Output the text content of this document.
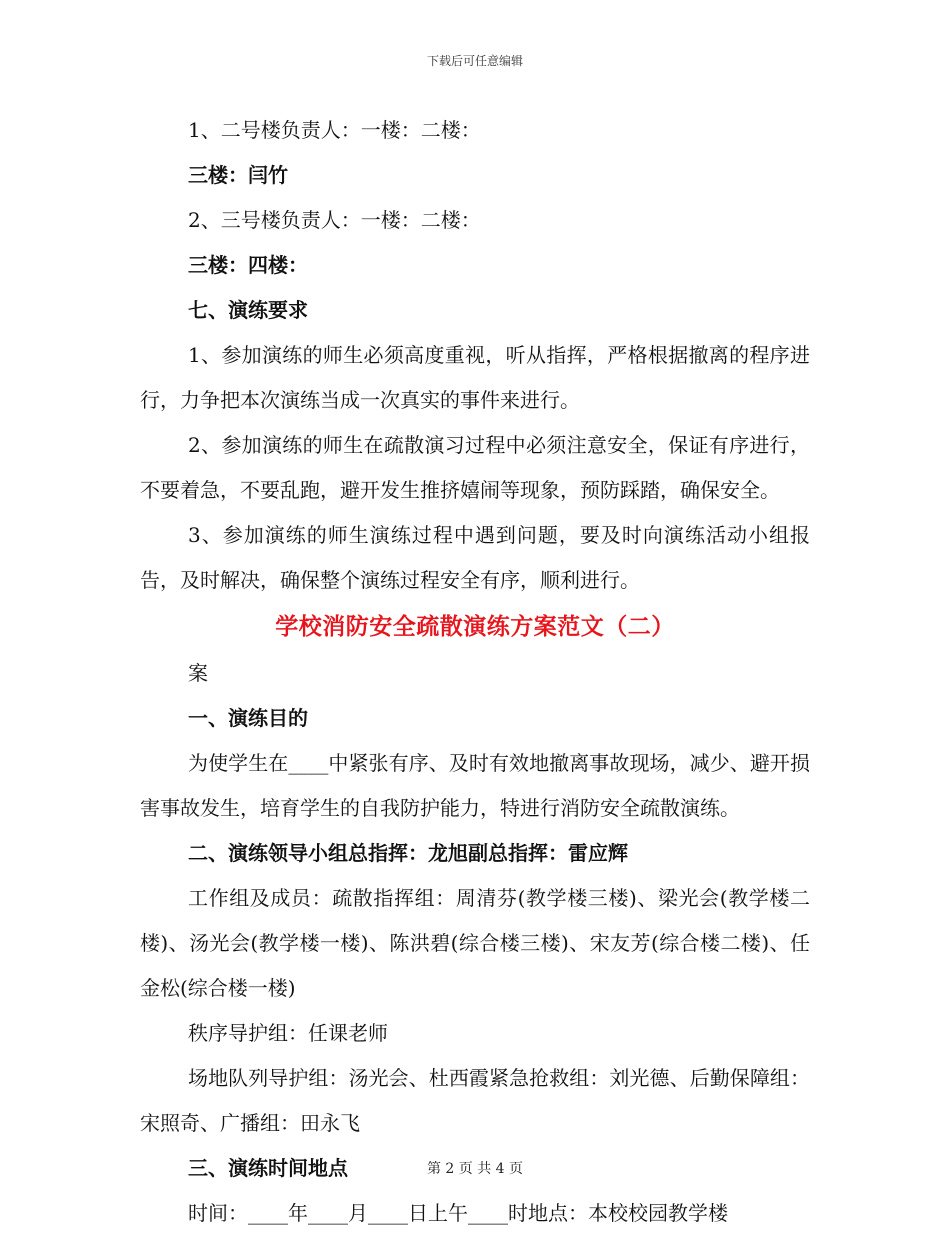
下载后可任意编辑

1、二号楼负责人：一楼：二楼：

三楼：闫竹

2、三号楼负责人：一楼：二楼：

三楼：四楼：

七、演练要求

1、参加演练的师生必须高度重视，听从指挥，严格根据撤离的程序进行，力争把本次演练当成一次真实的事件来进行。

2、参加演练的师生在疏散演习过程中必须注意安全，保证有序进行，不要着急，不要乱跑，避开发生推挤嬉闹等现象，预防踩踏，确保安全。

3、参加演练的师生演练过程中遇到问题，要及时向演练活动小组报告，及时解决，确保整个演练过程安全有序，顺利进行。

学校消防安全疏散演练方案范文（二）

案

一、演练目的

为使学生在____中紧张有序、及时有效地撤离事故现场，减少、避开损害事故发生，培育学生的自我防护能力，特进行消防安全疏散演练。

二、演练领导小组总指挥：龙旭副总指挥：雷应辉

工作组及成员：疏散指挥组：周清芬(教学楼三楼)、梁光会(教学楼二楼)、汤光会(教学楼一楼)、陈洪碧(综合楼三楼)、宋友芳(综合楼二楼)、任金松(综合楼一楼)

秩序导护组：任课老师

场地队列导护组：汤光会、杜西霞紧急抢救组：刘光德、后勤保障组：宋照奇、广播组：田永飞

三、演练时间地点

时间：____年____月____日上午____时地点：本校校园教学楼

第 2 页 共 4 页
